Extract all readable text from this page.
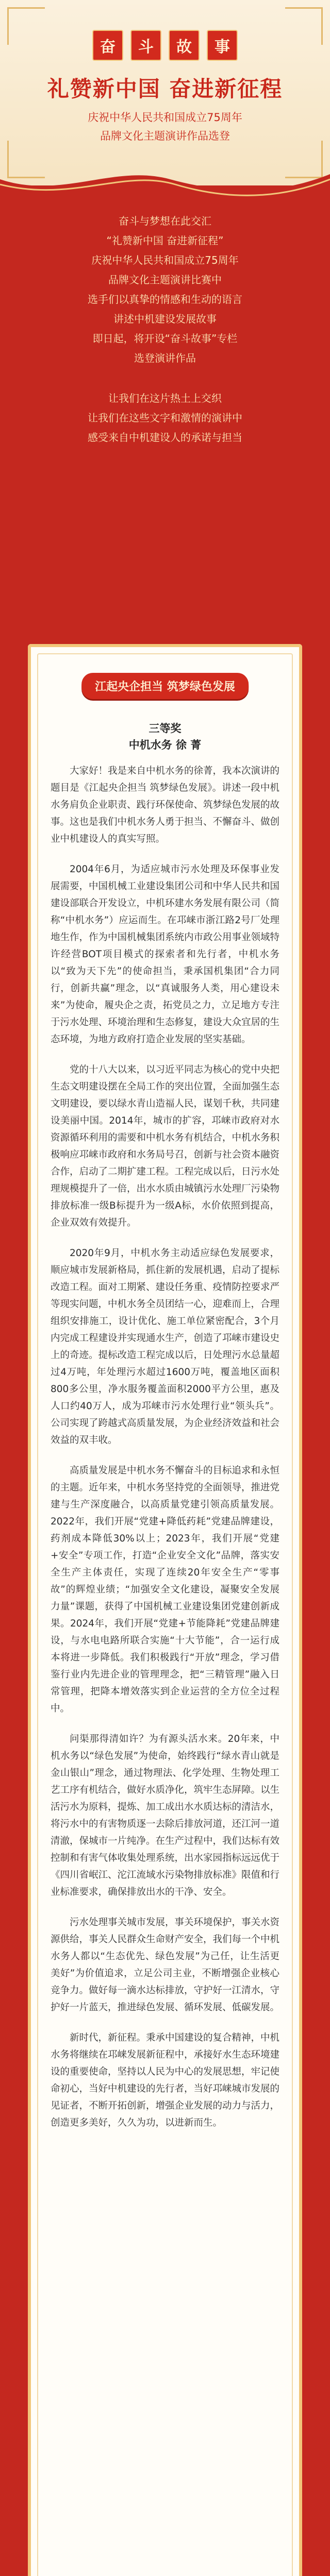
奋	斗	故	事
礼赞新中国 奋进新征程
庆祝中华人民共和国成立75周年
品牌文化主题演讲作品选登
奋斗与梦想在此交汇
“礼赞新中国 奋进新征程”
庆祝中华人民共和国成立75周年
品牌文化主题演讲比赛中
选手们以真挚的情感和生动的语言
讲述中机建设发展故事
即日起，将开设“奋斗故事”专栏
选登演讲作品
让我们在这片热土上交织
让我们在这些文字和激情的演讲中
感受来自中机建设人的承诺与担当
江起央企担当 筑梦绿色发展
三等奖
中机水务 徐 菁

大家好！我是来自中机水务的徐菁，我本次演讲的题目是《江起央企担当 筑梦绿色发展》。讲述一段中机水务肩负企业职责、践行环保使命、筑梦绿色发展的故事。这也是我们中机水务人勇于担当、不懈奋斗、做创业中机建设人的真实写照。

2004年6月，为适应城市污水处理及环保事业发展需要，中国机械工业建设集团公司和中华人民共和国建设部联合开发设立，中机环建水务发展有限公司（简称“中机水务”）应运而生。在邛崃市浙江路2号厂处理地生作，作为中国机械集团系统内市政公用事业领域特许经营BOT项目模式的探索者和先行者，中机水务以“致为天下先”的使命担当，秉承国机集团“合力同行，创新共赢”理念，以“真诚服务人类，用心建设未来”为使命，履央企之责，拓党员之力，立足地方专注于污水处理、环境治理和生态修复，建设大众宜居的生态环境，为地方政府打造企业发展的坚实基础。

党的十八大以来，以习近平同志为核心的党中央把生态文明建设摆在全局工作的突出位置，全面加强生态文明建设，要以绿水青山造福人民，谋划千秋，共同建设美丽中国。2014年，城市的扩容，邛崃市政府对水资源循环利用的需要和中机水务有机结合，中机水务积极响应邛崃市政府和水务局号召，创新与社会资本融资合作，启动了二期扩建工程。工程完成以后，日污水处理规模提升了一倍，出水水质由城镇污水处理厂污染物排放标准一级B标提升为一级A标，水价依照到提高，企业双效有效提升。

2020年9月，中机水务主动适应绿色发展要求，顺应城市发展新格局，抓住新的发展机遇，启动了提标改造工程。面对工期紧、建设任务重、疫情防控要求严等现实问题，中机水务全员团结一心，迎难而上，合理组织安排施工，设计优化、施工单位紧密配合，3个月内完成工程建设并实现通水生产，创造了邛崃市建设史上的奇迹。提标改造工程完成以后，日处理污水总量超过4万吨，年处理污水超过1600万吨，覆盖地区面积800多公里，净水服务覆盖面积2000平方公里，惠及人口约40万人，成为邛崃市污水处理行业“领头兵”。公司实现了跨越式高质量发展，为企业经济效益和社会效益的双丰收。

高质量发展是中机水务不懈奋斗的目标追求和永恒的主题。近年来，中机水务坚持党的全面领导，推进党建与生产深度融合，以高质量党建引领高质量发展。2022年，我们开展“党建+降低药耗”党建品牌建设，药剂成本降低30%以上；2023年，我们开展“党建+安全”专项工作，打造“企业安全文化”品牌，落实安全生产主体责任，实现了连续20年安全生产“零事故”的辉煌业绩；“加强安全文化建设，凝聚安全发展力量”课题，获得了中国机械工业建设集团党建创新成果。2024年，我们开展“党建+节能降耗”党建品牌建设，与水电电路所联合实施“十大节能”，合一运行成本将进一步降低。我们积极践行“开放”理念，学习借鉴行业内先进企业的管理理念，把“三精管理”融入日常管理，把降本增效落实到企业运营的全方位全过程中。

问渠那得清如许？为有源头活水来。20年来，中机水务以“绿色发展”为使命，始终践行“绿水青山就是金山银山”理念，通过物理法、化学处理、生物处理工艺工序有机结合，做好水质净化，筑牢生态屏障。以生活污水为原料，提炼、加工成出水水质达标的清洁水，将污水中的有害物质逐一去除后排放河道，还江河一道清澈，保城市一片纯净。在生产过程中，我们达标有效控制和有害气体收集处理系统，出水家园指标远远优于《四川省岷江、沱江流域水污染物排放标准》限值和行业标准要求，确保排放出水的干净、安全。

污水处理事关城市发展，事关环境保护，事关水资源供给，事关人民群众生命财产安全，我们每一个中机水务人都以“生态优先、绿色发展”为己任，让生活更美好”为价值追求，立足公司主业，不断增强企业核心竞争力。做好每一滴水达标排放，守护好一江清水，守护好一片蓝天，推进绿色发展、循环发展、低碳发展。

新时代，新征程。秉承中国建设的复合精神，中机水务将继续在邛崃发展新征程中，承接好水生态环境建设的重要使命，坚持以人民为中心的发展思想，牢记使命初心，当好中机建设的先行者，当好邛崃城市发展的见证者，不断开拓创新，增强企业发展的动力与活力，创造更多美好，久久为功，以进新而生。
